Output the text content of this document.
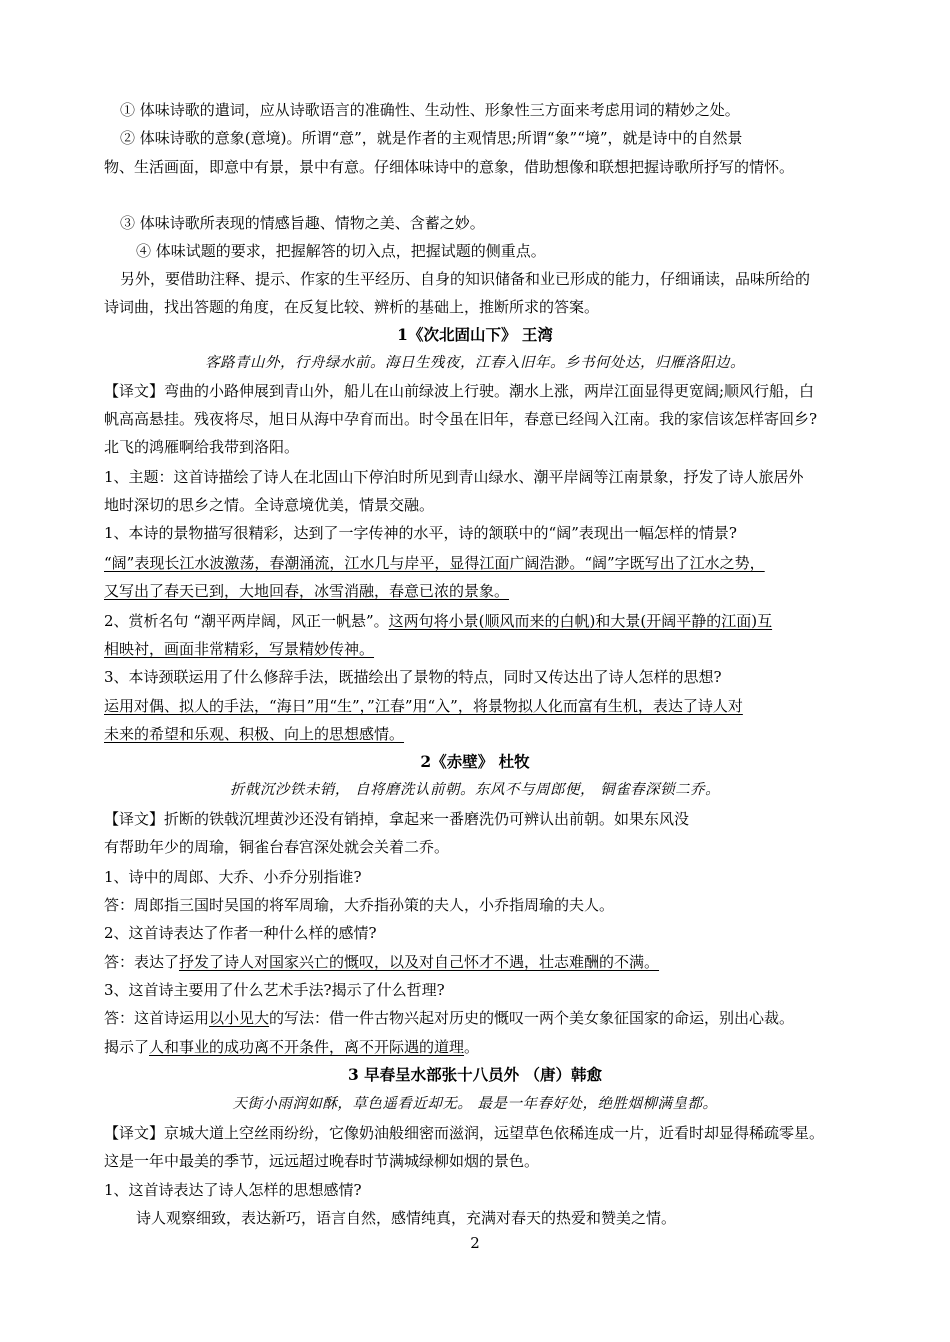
① 体味诗歌的遣词，应从诗歌语言的准确性、生动性、形象性三方面来考虑用词的精妙之处。
② 体味诗歌的意象(意境)。所谓“意”，就是作者的主观情思;所谓“象”“境”，就是诗中的自然景
物、生活画面，即意中有景，景中有意。仔细体味诗中的意象，借助想像和联想把握诗歌所抒写的情怀。
③ 体味诗歌所表现的情感旨趣、情物之美、含蓄之妙。
④ 体味试题的要求，把握解答的切入点，把握试题的侧重点。
另外，要借助注释、提示、作家的生平经历、自身的知识储备和业已形成的能力，仔细诵读，品味所给的
诗词曲，找出答题的角度，在反复比较、辨析的基础上，推断所求的答案。
1《次北固山下》 王湾
客路青山外，行舟绿水前。海日生残夜，江春入旧年。乡书何处达，归雁洛阳边。
【译文】弯曲的小路伸展到青山外，船儿在山前绿波上行驶。潮水上涨，两岸江面显得更宽阔;顺风行船，白
帆高高悬挂。残夜将尽，旭日从海中孕育而出。时令虽在旧年，春意已经闯入江南。我的家信该怎样寄回乡?
北飞的鸿雁啊给我带到洛阳。
1、主题：这首诗描绘了诗人在北固山下停泊时所见到青山绿水、潮平岸阔等江南景象，抒发了诗人旅居外
地时深切的思乡之情。全诗意境优美，情景交融。
1、本诗的景物描写很精彩，达到了一字传神的水平，诗的颔联中的“阔”表现出一幅怎样的情景?
“阔”表现长江水波激荡，春潮涌流，江水几与岸平，显得江面广阔浩渺。“阔”字既写出了江水之势，
又写出了春天已到，大地回春，冰雪消融，春意已浓的景象。
2、赏析名句 “潮平两岸阔，风正一帆悬”。这两句将小景(顺风而来的白帆)和大景(开阔平静的江面)互
相映衬，画面非常精彩，写景精妙传神。
3、本诗颈联运用了什么修辞手法，既描绘出了景物的特点，同时又传达出了诗人怎样的思想?
运用对偶、拟人的手法，“海日”用“生”，”江春”用“入”，将景物拟人化而富有生机，表达了诗人对
未来的希望和乐观、积极、向上的思想感情。
2《赤壁》 杜牧
折戟沉沙铁未销， 自将磨洗认前朝。东风不与周郎便， 铜雀春深锁二乔。
【译文】折断的铁戟沉埋黄沙还没有销掉，拿起来一番磨洗仍可辨认出前朝。如果东风没
有帮助年少的周瑜，铜雀台春宫深处就会关着二乔。
1、诗中的周郎、大乔、小乔分别指谁?
答：周郎指三国时吴国的将军周瑜，大乔指孙策的夫人，小乔指周瑜的夫人。
2、这首诗表达了作者一种什么样的感情?
答：表达了抒发了诗人对国家兴亡的慨叹，以及对自己怀才不遇，壮志难酬的不满。
3、这首诗主要用了什么艺术手法?揭示了什么哲理?
答：这首诗运用以小见大的写法：借一件古物兴起对历史的慨叹一两个美女象征国家的命运，别出心裁。
揭示了人和事业的成功离不开条件，离不开际遇的道理。
3 早春呈水部张十八员外 （唐）韩愈
天街小雨润如酥，草色遥看近却无。 最是一年春好处，绝胜烟柳满皇都。
【译文】京城大道上空丝雨纷纷，它像奶油般细密而滋润，远望草色依稀连成一片，近看时却显得稀疏零星。
这是一年中最美的季节，远远超过晚春时节满城绿柳如烟的景色。
1、这首诗表达了诗人怎样的思想感情?
诗人观察细致，表达新巧，语言自然，感情纯真，充满对春天的热爱和赞美之情。
2
